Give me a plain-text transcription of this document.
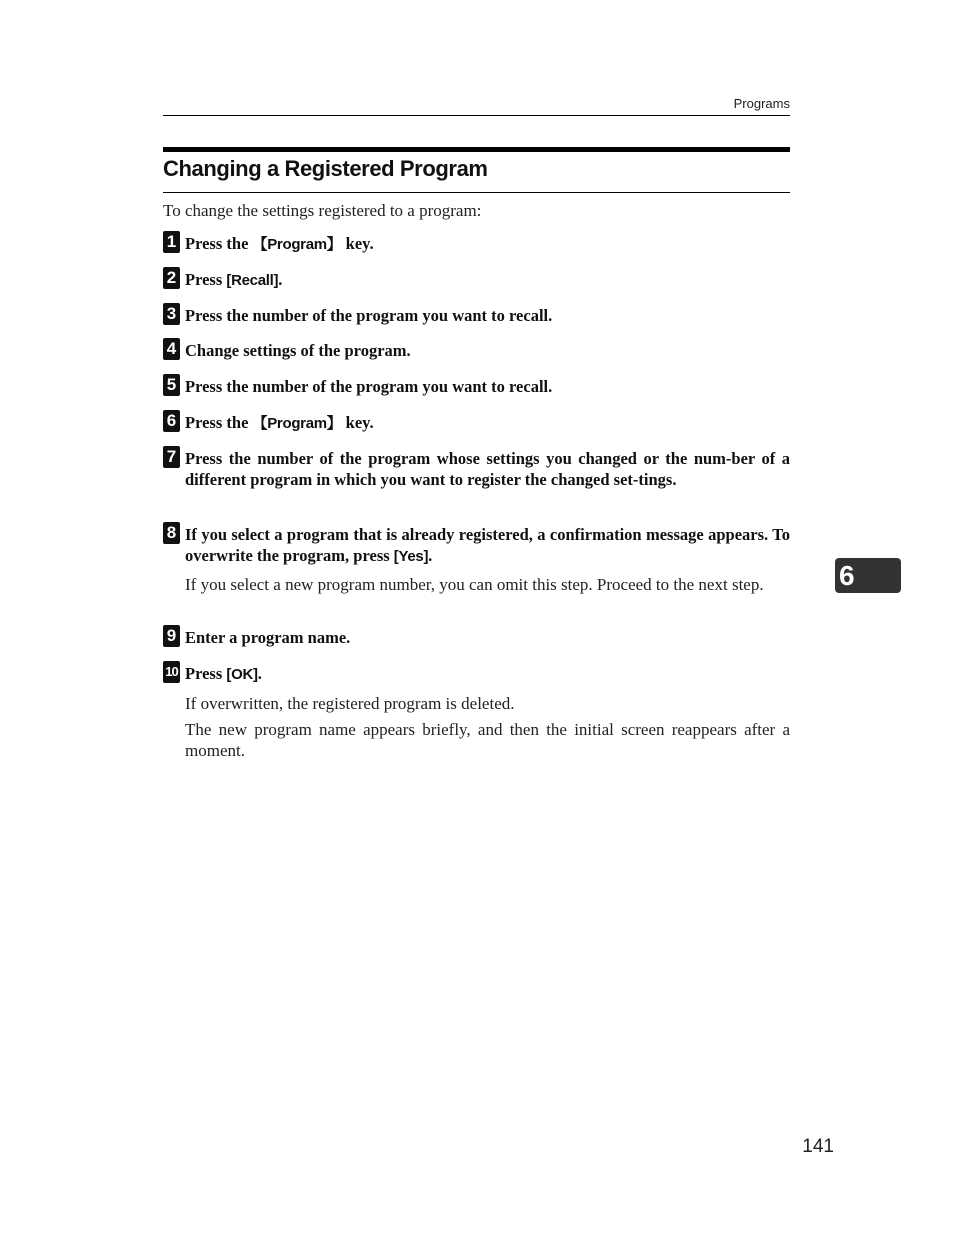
Programs
Changing a Registered Program
To change the settings registered to a program:
1 Press the 【Program】 key.
2 Press [Recall].
3 Press the number of the program you want to recall.
4 Change settings of the program.
5 Press the number of the program you want to recall.
6 Press the 【Program】 key.
7 Press the number of the program whose settings you changed or the num-ber of a different program in which you want to register the changed set-tings.
8 If you select a program that is already registered, a confirmation message appears. To overwrite the program, press [Yes].
If you select a new program number, you can omit this step. Proceed to the next step.
9 Enter a program name.
10 Press [OK].
If overwritten, the registered program is deleted.
The new program name appears briefly, and then the initial screen reappears after a moment.
6
141
